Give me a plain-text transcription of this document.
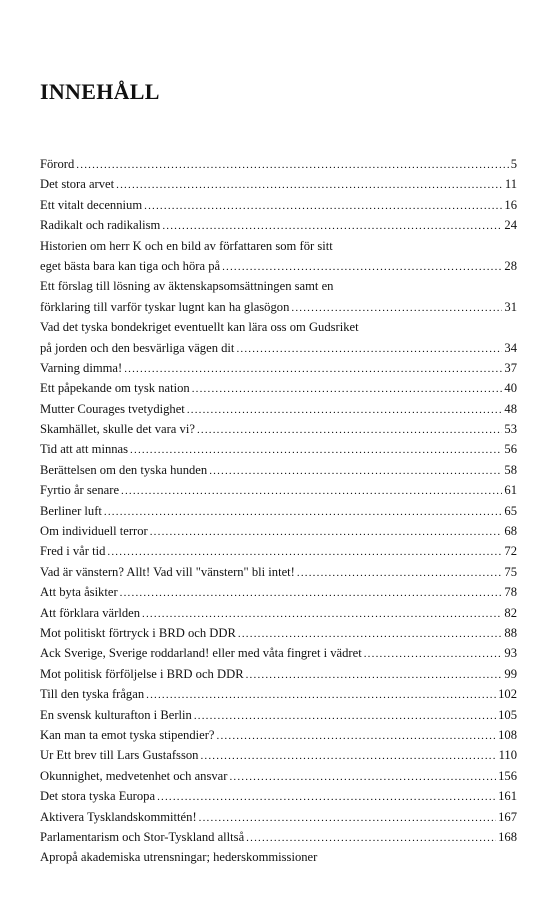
INNEHÅLL
Förord .....	5
Det stora arvet .....	11
Ett vitalt decennium .....	16
Radikalt och radikalism .....	24
Historien om herr K och en bild av författaren som för sitt
eget bästa bara kan tiga och höra på .....	28
Ett förslag till lösning av äktenskapsomsättningen samt en
förklaring till varför tyskar lugnt kan ha glasögon .....	31
Vad det tyska bondekriget eventuellt kan lära oss om Gudsriket
på jorden och den besvärliga vägen dit .....	34
Varning dimma! .....	37
Ett påpekande om tysk nation .....	40
Mutter Courages tvetydighet .....	48
Skamhället, skulle det vara vi? .....	53
Tid att att minnas .....	56
Berättelsen om den tyska hunden .....	58
Fyrtio år senare .....	61
Berliner luft .....	65
Om individuell terror .....	68
Fred i vår tid .....	72
Vad är vänstern? Allt! Vad vill "vänstern" bli intet! .....	75
Att byta åsikter .....	78
Att förklara världen .....	82
Mot politiskt förtryck i BRD och DDR .....	88
Ack Sverige, Sverige roddarland! eller med våta fingret i vädret .....	93
Mot politisk förföljelse i BRD och DDR .....	99
Till den tyska frågan .....	102
En svensk kulturafton i Berlin .....	105
Kan man ta emot tyska stipendier? .....	108
Ur Ett brev till Lars Gustafsson .....	110
Okunnighet, medvetenhet och ansvar .....	156
Det stora tyska Europa .....	161
Aktivera Tysklandskommittén! .....	167
Parlamentarism och Stor-Tyskland alltså .....	168
Apropå akademiska utrensningar; hederskommissioner
